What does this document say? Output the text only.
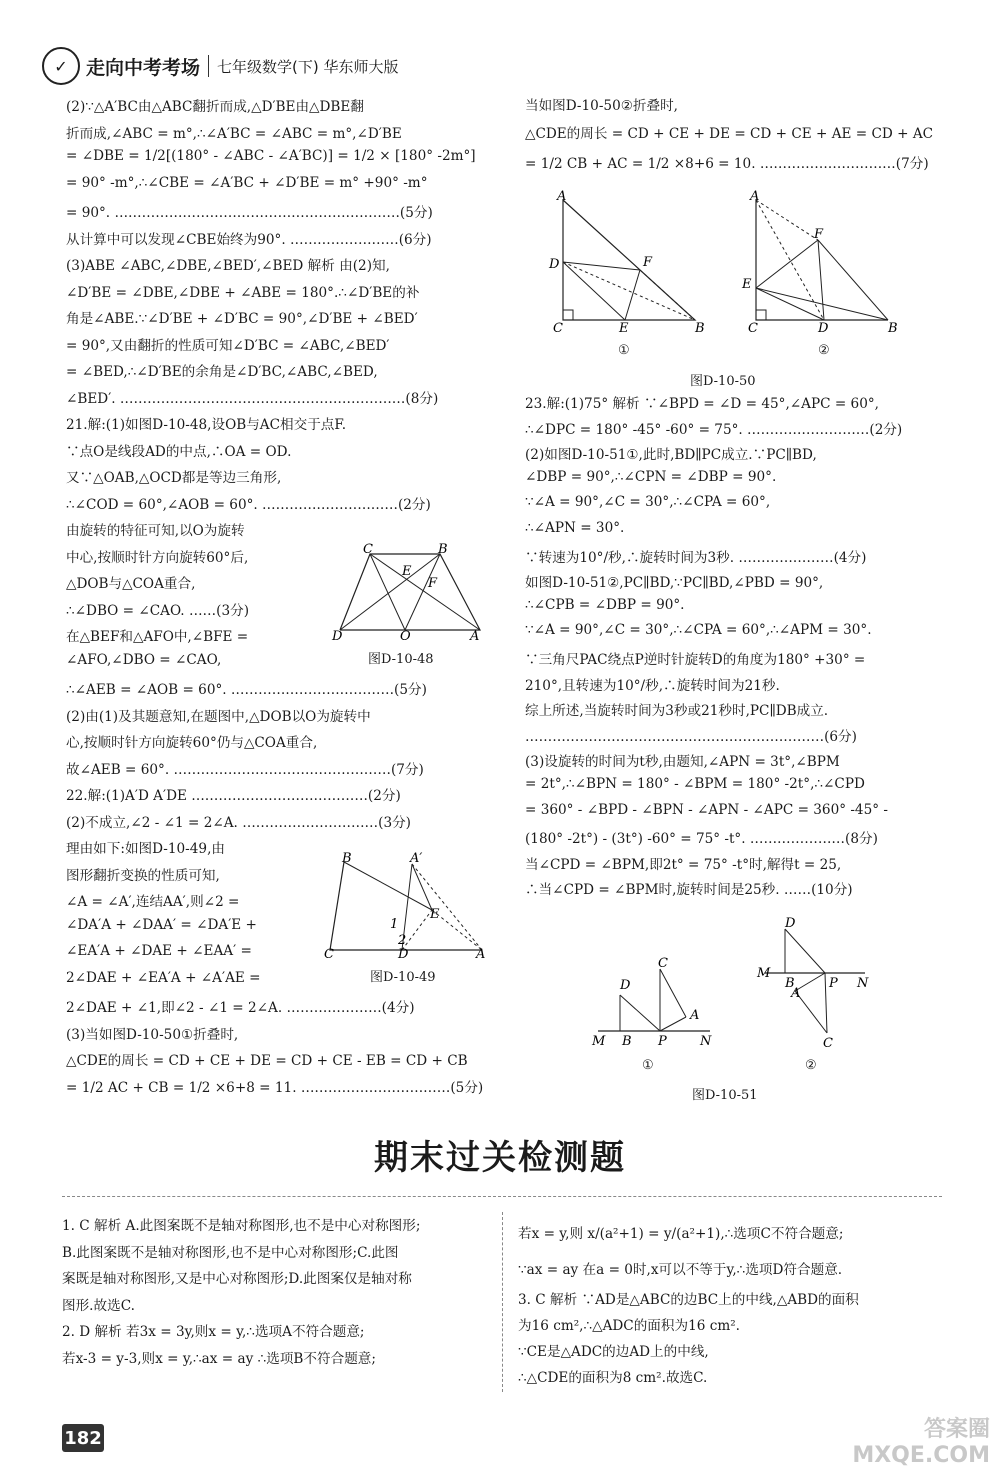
✓ 走向中考考场 七年级数学(下) 华东师大版
(2)∵△A′BC由△ABC翻折而成,△D′BE由△DBE翻
折而成,∠ABC = m°,∴∠A′BC = ∠ABC = m°,∠D′BE
= ∠DBE = 1/2[(180° - ∠ABC - ∠A′BC)] = 1/2 × [180° -2m°]
= 90° -m°,∴∠CBE = ∠A′BC + ∠D′BE = m° +90° -m°
= 90°. ………………………………………………………(5分)
从计算中可以发现∠CBE始终为90°. ……………………(6分)
(3)ABE ∠ABC,∠DBE,∠BED′,∠BED 解析 由(2)知,
∠D′BE = ∠DBE,∠DBE + ∠ABE = 180°.∴∠D′BE的补
角是∠ABE.∵∠D′BE + ∠D′BC = 90°,∠D′BE + ∠BED′
= 90°,又由翻折的性质可知∠D′BC = ∠ABC,∠BED′
= ∠BED,∴∠D′BE的余角是∠D′BC,∠ABC,∠BED,
∠BED′. ………………………………………………………(8分)
21.解:(1)如图D-10-48,设OB与AC相交于点F.
∵点O是线段AD的中点,∴OA = OD.
又∵△OAB,△OCD都是等边三角形,
∴∠COD = 60°,∠AOB = 60°. …………………………(2分)
由旋转的特征可知,以O为旋转
中心,按顺时针方向旋转60°后,
△DOB与△COA重合,
∴∠DBO = ∠CAO. ……(3分)
在△BEF和△AFO中,∠BFE =
∠AFO,∠DBO = ∠CAO,
∴∠AEB = ∠AOB = 60°. ………………………………(5分)
(2)由(1)及其题意知,在题图中,△DOB以O为旋转中
心,按顺时针方向旋转60°仍与△COA重合,
故∠AEB = 60°. …………………………………………(7分)
22.解:(1)A′D A′DE …………………………………(2分)
(2)不成立,∠2 - ∠1 = 2∠A. …………………………(3分)
理由如下:如图D-10-49,由
图形翻折变换的性质可知,
∠A = ∠A′,连结AA′,则∠2 =
∠DA′A + ∠DAA′ = ∠DA′E +
∠EA′A + ∠DAE + ∠EAA′ =
2∠DAE + ∠EA′A + ∠A′AE =
2∠DAE + ∠1,即∠2 - ∠1 = 2∠A. …………………(4分)
(3)当如图D-10-50①折叠时,
△CDE的周长 = CD + CE + DE = CD + CE - EB = CD + CB
= 1/2 AC + CB = 1/2 ×6+8 = 11. ……………………………(5分)
当如图D-10-50②折叠时,
△CDE的周长 = CD + CE + DE = CD + CE + AE = CD + AC
= 1/2 CB + AC = 1/2 ×8+6 = 10. …………………………(7分)
23.解:(1)75° 解析 ∵∠BPD = ∠D = 45°,∠APC = 60°,
∴∠DPC = 180° -45° -60° = 75°. ………………………(2分)
(2)如图D-10-51①,此时,BD∥PC成立.∵PC∥BD,
∠DBP = 90°,∴∠CPN = ∠DBP = 90°.
∵∠A = 90°,∠C = 30°,∴∠CPA = 60°,
∴∠APN = 30°.
∵转速为10°/秒,∴旋转时间为3秒. …………………(4分)
如图D-10-51②,PC∥BD,∵PC∥BD,∠PBD = 90°,
∴∠CPB = ∠DBP = 90°.
∵∠A = 90°,∠C = 30°,∴∠CPA = 60°,∴∠APM = 30°.
∵三角尺PAC绕点P逆时针旋转D的角度为180° +30° =
210°,且转速为10°/秒,∴旋转时间为21秒.
综上所述,当旋转时间为3秒或21秒时,PC∥DB成立.
…………………………………………………………(6分)
(3)设旋转的时间为t秒,由题知,∠APN = 3t°,∠BPM
= 2t°,∴∠BPN = 180° - ∠BPM = 180° -2t°,∴∠CPD
= 360° - ∠BPD - ∠BPN - ∠APN - ∠APC = 360° -45° -
(180° -2t°) - (3t°) -60° = 75° -t°. …………………(8分)
当∠CPD = ∠BPM,即2t° = 75° -t°时,解得t = 25,
∴当∠CPD = ∠BPM时,旋转时间是25秒. ……(10分)
C	B
E
F
D	O	A
图D-10-48
B	A′
E
1
2
C	D	A
图D-10-49
A
D	F
C	E	B
①
A
F
E
C	D	B
②
图D-10-50
D
C
A
M B P	N
①
D
M
B
A
P N
C
②
图D-10-51
期末过关检测题
1. C 解析 A.此图案既不是轴对称图形,也不是中心对称图形;
B.此图案既不是轴对称图形,也不是中心对称图形;C.此图
案既是轴对称图形,又是中心对称图形;D.此图案仅是轴对称
图形.故选C.
2. D 解析 若3x = 3y,则x = y,∴选项A不符合题意;
若x-3 = y-3,则x = y,∴ax = ay ∴选项B不符合题意;
若x = y,则 x/(a²+1) = y/(a²+1),∴选项C不符合题意;
∵ax = ay 在a = 0时,x可以不等于y,∴选项D符合题意.
3. C 解析 ∵AD是△ABC的边BC上的中线,△ABD的面积
为16 cm²,∴△ADC的面积为16 cm².
∵CE是△ADC的边AD上的中线,
∴△CDE的面积为8 cm².故选C.
182	答案圈 MXQE.COM
